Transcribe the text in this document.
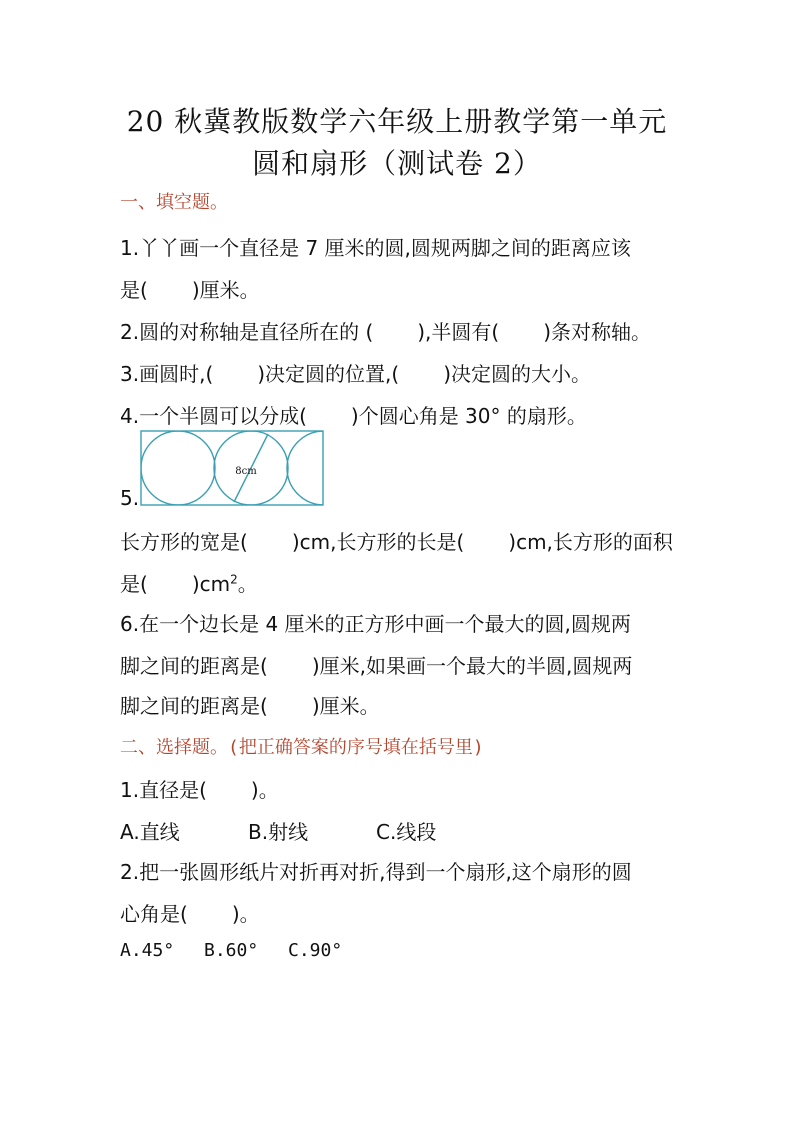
20 秋冀教版数学六年级上册教学第一单元
圆和扇形（测试卷 2）
一、填空题。
1.丫丫画一个直径是 7 厘米的圆,圆规两脚之间的距离应该
是( )厘米。
2.圆的对称轴是直径所在的 ( ),半圆有( )条对称轴。
3.画圆时,( )决定圆的位置,( )决定圆的大小。
4.一个半圆可以分成( )个圆心角是 30° 的扇形。
8cm
5.
长方形的宽是( )cm,长方形的长是( )cm,长方形的面积
是( )$cm^2$。
6.在一个边长是 4 厘米的正方形中画一个最大的圆,圆规两
脚之间的距离是( )厘米,如果画一个最大的半圆,圆规两
脚之间的距离是( )厘米。
二、选择题。(把正确答案的序号填在括号里)
1.直径是( )。
A.直线	B.射线	C.线段
2.把一张圆形纸片对折再对折,得到一个扇形,这个扇形的圆
心角是( )。
A.45° B.60° C.90°
